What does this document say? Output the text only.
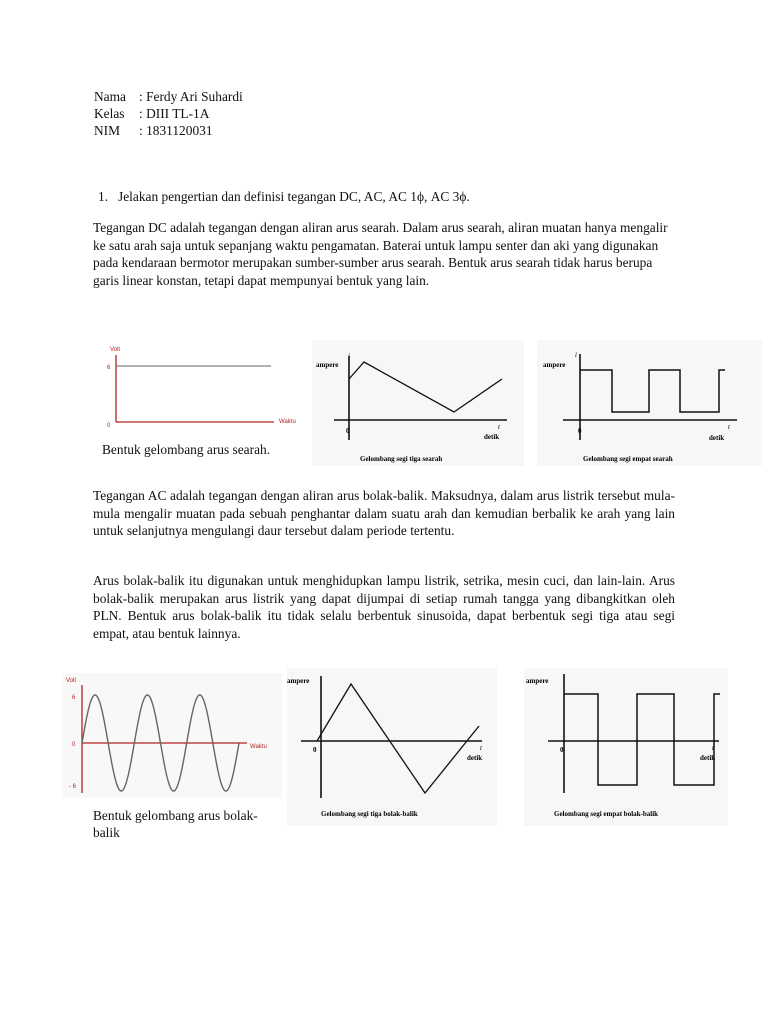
Nama : Ferdy Ari Suhardi
Kelas : DIII TL-1A
NIM : 1831120031
1. Jelakan pengertian dan definisi tegangan DC, AC, AC 1ϕ, AC 3ϕ.
Tegangan DC adalah tegangan dengan aliran arus searah. Dalam arus searah, aliran muatan hanya mengalir ke satu arah saja untuk sepanjang waktu pengamatan. Baterai untuk lampu senter dan aki yang digunakan pada kendaraan bermotor merupakan sumber-sumber arus searah. Bentuk arus searah tidak harus berupa garis linear konstan, tetapi dapat mempunyai bentuk yang lain.
Volt
6
0
Waktu
Bentuk gelombang arus searah.
ampere
0	t
detik
Gelombang segi tiga searah
i
ampere
0	t
detik
Gelombang segi empat searah
Tegangan AC adalah tegangan dengan aliran arus bolak-balik. Maksudnya, dalam arus listrik tersebut mula-mula mengalir muatan pada sebuah penghantar dalam suatu arah dan kemudian berbalik ke arah yang lain untuk selanjutnya mengulangi daur tersebut dalam periode tertentu.
Arus bolak-balik itu digunakan untuk menghidupkan lampu listrik, setrika, mesin cuci, dan lain-lain. Arus bolak-balik merupakan arus listrik yang dapat dijumpai di setiap rumah tangga yang dibangkitkan oleh PLN. Bentuk arus bolak-balik itu tidak selalu berbentuk sinusoida, dapat berbentuk segi tiga atau segi empat, atau bentuk lainnya.
Volt
6
0
- 6
Waktu
Bentuk gelombang arus bolak-balik
ampere
0	t
detik
Gelombang segi tiga bolak-balik
ampere
0	t
detik
Gelombang segi empat bolak-balik
